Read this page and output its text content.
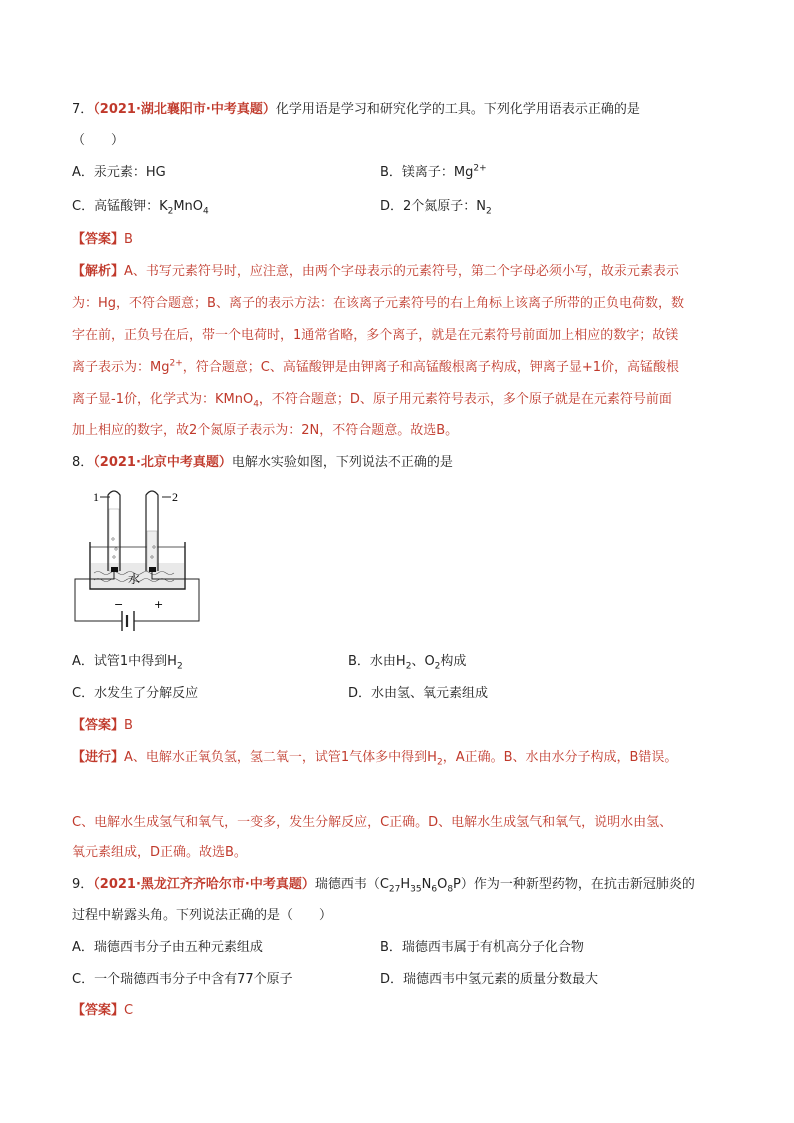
7．（2021·湖北襄阳市·中考真题）化学用语是学习和研究化学的工具。下列化学用语表示正确的是
（　　）
A．汞元素：HG	B．镁离子：$Mg^{2+}$
C．高锰酸钾：$K_2MnO_4$	D．2个氮原子：$N_2$
【答案】B
【解析】A、书写元素符号时，应注意，由两个字母表示的元素符号，第二个字母必须小写，故汞元素表示
为：Hg，不符合题意；B、离子的表示方法：在该离子元素符号的右上角标上该离子所带的正负电荷数，数
字在前，正负号在后，带一个电荷时，1通常省略，多个离子，就是在元素符号前面加上相应的数字；故镁
离子表示为：$Mg^{2+}$，符合题意；C、高锰酸钾是由钾离子和高锰酸根离子构成，钾离子显+1价，高锰酸根
离子显-1价，化学式为：KMnO$_4$，不符合题意；D、原子用元素符号表示，多个原子就是在元素符号前面
加上相应的数字，故2个氮原子表示为：2N，不符合题意。故选B。
8．（2021·北京中考真题）电解水实验如图，下列说法不正确的是
1	2
水
−	+
A．试管1中得到$H_2$	B．水由$H_2$、$O_2$构成
C．水发生了分解反应	D．水由氢、氧元素组成
【答案】B
【进行】A、电解水正氧负氢，氢二氧一，试管1气体多中得到$H_2$，A正确。B、水由水分子构成，B错误。
C、电解水生成氢气和氧气，一变多，发生分解反应，C正确。D、电解水生成氢气和氧气，说明水由氢、
氧元素组成，D正确。故选B。
9．（2021·黑龙江齐齐哈尔市·中考真题）瑞德西韦$(C_{27}H_{35}N_6O_8P)$作为一种新型药物，在抗击新冠肺炎的
过程中崭露头角。下列说法正确的是（　　）
A．瑞德西韦分子由五种元素组成	B．瑞德西韦属于有机高分子化合物
C．一个瑞德西韦分子中含有77个原子	D．瑞德西韦中氢元素的质量分数最大
【答案】C
